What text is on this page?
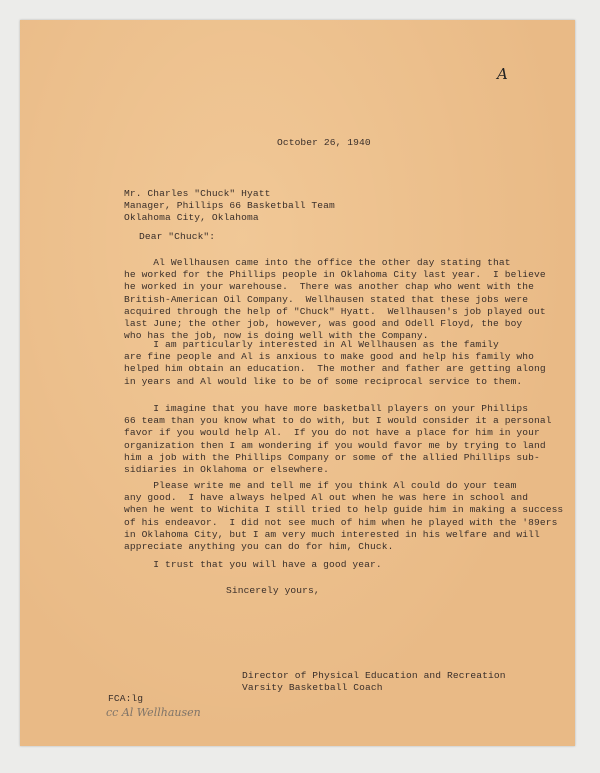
A
October 26, 1940
Mr. Charles "Chuck" Hyatt
Manager, Phillips 66 Basketball Team
Oklahoma City, Oklahoma
Dear "Chuck":
Al Wellhausen came into the office the other day stating that
he worked for the Phillips people in Oklahoma City last year.  I believe
he worked in your warehouse.  There was another chap who went with the
British-American Oil Company.  Wellhausen stated that these jobs were
acquired through the help of "Chuck" Hyatt.  Wellhausen's job played out
last June; the other job, however, was good and Odell Floyd, the boy
who has the job, now is doing well with the Company.
I am particularly interested in Al Wellhausen as the family
are fine people and Al is anxious to make good and help his family who
helped him obtain an education.  The mother and father are getting along
in years and Al would like to be of some reciprocal service to them.
I imagine that you have more basketball players on your Phillips
66 team than you know what to do with, but I would consider it a personal
favor if you would help Al.  If you do not have a place for him in your
organization then I am wondering if you would favor me by trying to land
him a job with the Phillips Company or some of the allied Phillips sub-
sidiaries in Oklahoma or elsewhere.
Please write me and tell me if you think Al could do your team
any good.  I have always helped Al out when he was here in school and
when he went to Wichita I still tried to help guide him in making a success
of his endeavor.  I did not see much of him when he played with the '89ers
in Oklahoma City, but I am very much interested in his welfare and will
appreciate anything you can do for him, Chuck.
I trust that you will have a good year.
Sincerely yours,
Director of Physical Education and Recreation
Varsity Basketball Coach
FCA:lg
cc Al Wellhausen
